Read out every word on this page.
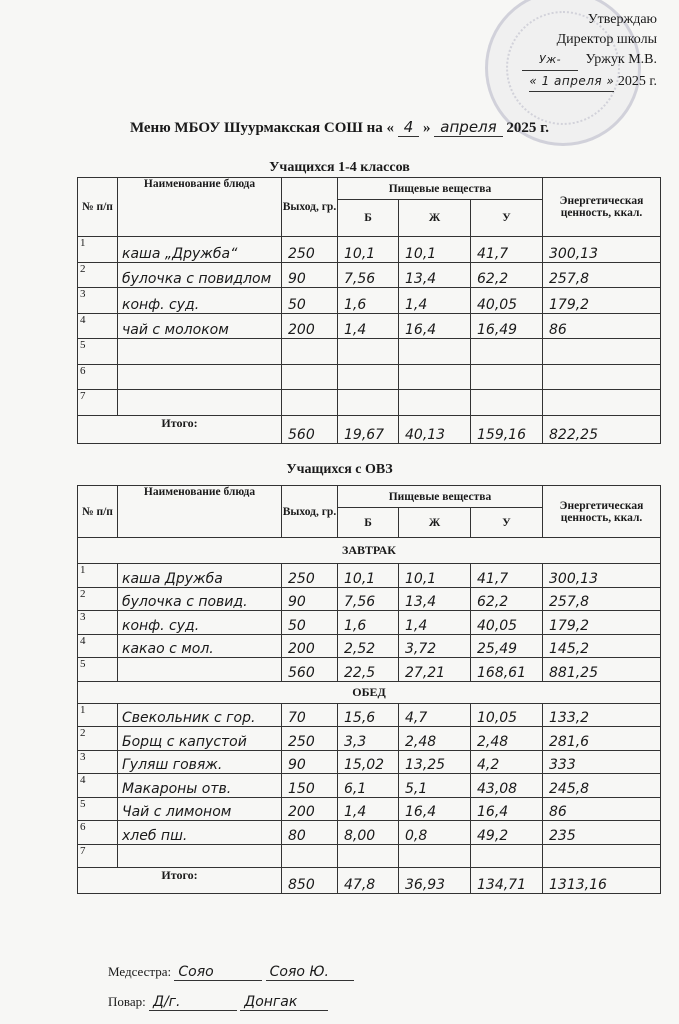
Утверждаю
Директор школы
Уж- Уржук М.В.
« 1 апреля » 2025 г.
Меню МБОУ Шуурмакская СОШ на « 4 » апреля 2025 г.
Учащихся 1-4 классов
№ п/п	Наименование блюда	Выход, гр.	Пищевые вещества			Энергетическая ценность, ккал.
			Б	Ж	У	
1	каша „Дружба“	250	10,1	10,1	41,7	300,13

2	булочка с повидлом	90	7,56	13,4	62,2	257,8

3	конф. суд.	50	1,6	1,4	40,05	179,2

4	чай с молоком	200	1,4	16,4	16,49	86

5	

6	

7	

Итого:		560	19,67	40,13	159,16	822,25
Учащихся с ОВЗ
№ п/п	Наименование блюда	Выход, гр.	Пищевые вещества			Энергетическая ценность, ккал.
			Б	Ж	У	
ЗАВТРАК						
1	каша Дружба	250	10,1	10,1	41,7	300,13

2	булочка с повид.	90	7,56	13,4	62,2	257,8

3	конф. суд.	50	1,6	1,4	40,05	179,2

4	какао с мол.	200	2,52	3,72	25,49	145,2

5		560	22,5	27,21	168,61	881,25

ОБЕД						
1	Свекольник с гор.	70	15,6	4,7	10,05	133,2

2	Борщ с капустой	250	3,3	2,48	2,48	281,6

3	Гуляш говяж.	90	15,02	13,25	4,2	333

4	Макароны отв.	150	6,1	5,1	43,08	245,8

5	Чай с лимоном	200	1,4	16,4	16,4	86

6	хлеб пш.	80	8,00	0,8	49,2	235

7	

Итого:		850	47,8	36,93	134,71	1313,16
Медсестра: Сояо	Сояо Ю.
Повар: Д/г.	Донгак
